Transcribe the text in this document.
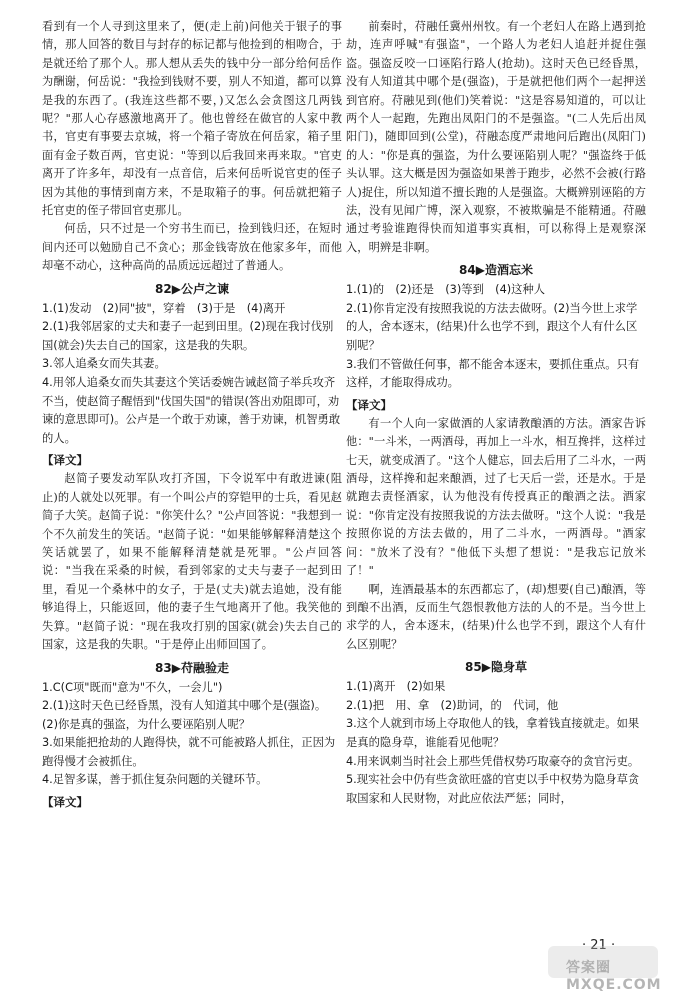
看到有一个人寻到这里来了，便(走上前)问他关于银子的事情，那人回答的数目与封存的标记都与他捡到的相吻合，于是就还给了那个人。那人想从丢失的钱中分一部分给何岳作为酬谢，何岳说："我捡到钱财不要，别人不知道，都可以算是我的东西了。(我连这些都不要，)又怎么会贪图这几两钱呢？"那人心存感激地离开了。他也曾经在做官的人家中教书，官吏有事要去京城，将一个箱子寄放在何岳家，箱子里面有金子数百两，官吏说："等到以后我回来再来取。"官吏离开了许多年，却没有一点音信，后来何岳听说官吏的侄子因为其他的事情到南方来，不是取箱子的事。何岳就把箱子托官吏的侄子带回官吏那儿。

何岳，只不过是一个穷书生而已，捡到钱归还，在短时间内还可以勉励自己不贪心；那金钱寄放在他家多年，而他却毫不动心，这种高尚的品质远远超过了普通人。

82▶公卢之谏

1.(1)发动　(2)同"披"，穿着　(3)于是　(4)离开

2.(1)我邻居家的丈夫和妻子一起到田里。(2)现在我讨伐别国(就会)失去自己的国家，这是我的失职。

3.邻人追桑女而失其妻。

4.用邻人追桑女而失其妻这个笑话委婉告诫赵简子举兵攻齐不当，使赵简子醒悟到"伐国失国"的错误(答出劝阻即可，劝谏的意思即可)。公卢是一个敢于劝谏，善于劝谏，机智勇敢的人。

【译文】

赵简子要发动军队攻打齐国，下令说军中有敢进谏(阻止)的人就处以死罪。有一个叫公卢的穿铠甲的士兵，看见赵简子大笑。赵简子说："你笑什么？"公卢回答说："我想到一个不久前发生的笑话。"赵简子说："如果能够解释清楚这个笑话就罢了，如果不能解释清楚就是死罪。"公卢回答说："当我在采桑的时候，看到邻家的丈夫与妻子一起到田里，看见一个桑林中的女子，于是(丈夫)就去追她，没有能够追得上，只能返回，他的妻子生气地离开了他。我笑他的失算。"赵简子说："现在我攻打别的国家(就会)失去自己的国家，这是我的失职。"于是停止出师回国了。

83▶苻融验走

1.C(C项"既而"意为"不久，一会儿")

2.(1)这时天色已经昏黑，没有人知道其中哪个是(强盗)。(2)你是真的强盗，为什么要诬陷别人呢？

3.如果能把抢劫的人跑得快，就不可能被路人抓住，正因为跑得慢才会被抓住。

4.足智多谋，善于抓住复杂问题的关键环节。

【译文】

前秦时，苻融任冀州州牧。有一个老妇人在路上遇到抢劫，连声呼喊"有强盗"，一个路人为老妇人追赶并捉住强盗。强盗反咬一口诬陷行路人(抢劫)。这时天色已经昏黑，没有人知道其中哪个是(强盗)，于是就把他们两个一起押送到官府。苻融见到(他们)笑着说："这是容易知道的，可以让两个人一起跑，先跑出凤阳门的不是强盗。"(二人先后出凤阳门)，随即回到(公堂)，苻融态度严肃地问后跑出(凤阳门)的人："你是真的强盗，为什么要诬陷别人呢？"强盗终于低头认罪。这大概是因为强盗如果善于跑步，必然不会被(行路人)捉住，所以知道不擅长跑的人是强盗。大概辨别诬陷的方法，没有见闻广博，深入观察，不被欺骗是不能精通。苻融通过考验谁跑得快而知道事实真相，可以称得上是观察深入，明辨是非啊。

84▶造酒忘米

1.(1)的　(2)还是　(3)等到　(4)这种人

2.(1)你肯定没有按照我说的方法去做呀。(2)当今世上求学的人，舍本逐末，(结果)什么也学不到，跟这个人有什么区别呢？

3.我们不管做任何事，都不能舍本逐末，要抓住重点。只有这样，才能取得成功。

【译文】

有一个人向一家做酒的人家请教酿酒的方法。酒家告诉他："一斗米，一两酒母，再加上一斗水，相互搀拌，这样过七天，就变成酒了。"这个人健忘，回去后用了二斗水，一两酒母，这样搀和起来酿酒，过了七天后一尝，还是水。于是就跑去责怪酒家，认为他没有传授真正的酿酒之法。酒家说："你肯定没有按照我说的方法去做呀。"这个人说："我是按照你说的方法去做的，用了二斗水，一两酒母。"酒家问："放米了没有？"他低下头想了想说："是我忘记放米了！"

啊，连酒最基本的东西都忘了，(却)想要(自己)酿酒，等到酿不出酒，反而生气怨恨教他方法的人的不是。当今世上求学的人，舍本逐末，(结果)什么也学不到，跟这个人有什么区别呢？

85▶隐身草

1.(1)离开　(2)如果

2.(1)把　用、拿　(2)助词，的　代词，他

3.这个人就到市场上夺取他人的钱，拿着钱直接就走。如果是真的隐身草，谁能看见他呢？

4.用来讽刺当时社会上那些凭借权势巧取豪夺的贪官污吏。

5.现实社会中仍有些贪欲旺盛的官吏以手中权势为隐身草贪取国家和人民财物，对此应依法严惩；同时，

· 21 ·
答案圈 MXQE.COM
